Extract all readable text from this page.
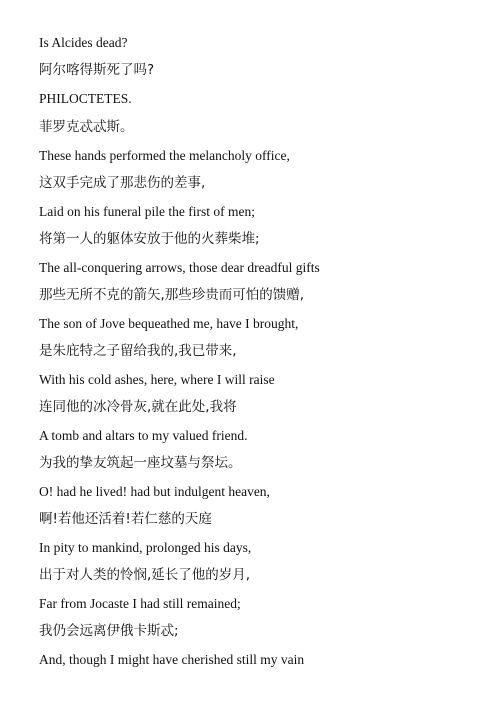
Is Alcides dead?
阿尔喀得斯死了吗?
PHILOCTETES.
菲罗克忒忒斯。
These hands performed the melancholy office,
这双手完成了那悲伤的差事,
Laid on his funeral pile the first of men;
将第一人的躯体安放于他的火葬柴堆;
The all-conquering arrows, those dear dreadful gifts
那些无所不克的箭矢,那些珍贵而可怕的馈赠,
The son of Jove bequeathed me, have I brought,
是朱庇特之子留给我的,我已带来,
With his cold ashes, here, where I will raise
连同他的冰冷骨灰,就在此处,我将
A tomb and altars to my valued friend.
为我的挚友筑起一座坟墓与祭坛。
O! had he lived! had but indulgent heaven,
啊!若他还活着!若仁慈的天庭
In pity to mankind, prolonged his days,
出于对人类的怜悯,延长了他的岁月,
Far from Jocaste I had still remained;
我仍会远离伊俄卡斯忒;
And, though I might have cherished still my vain
